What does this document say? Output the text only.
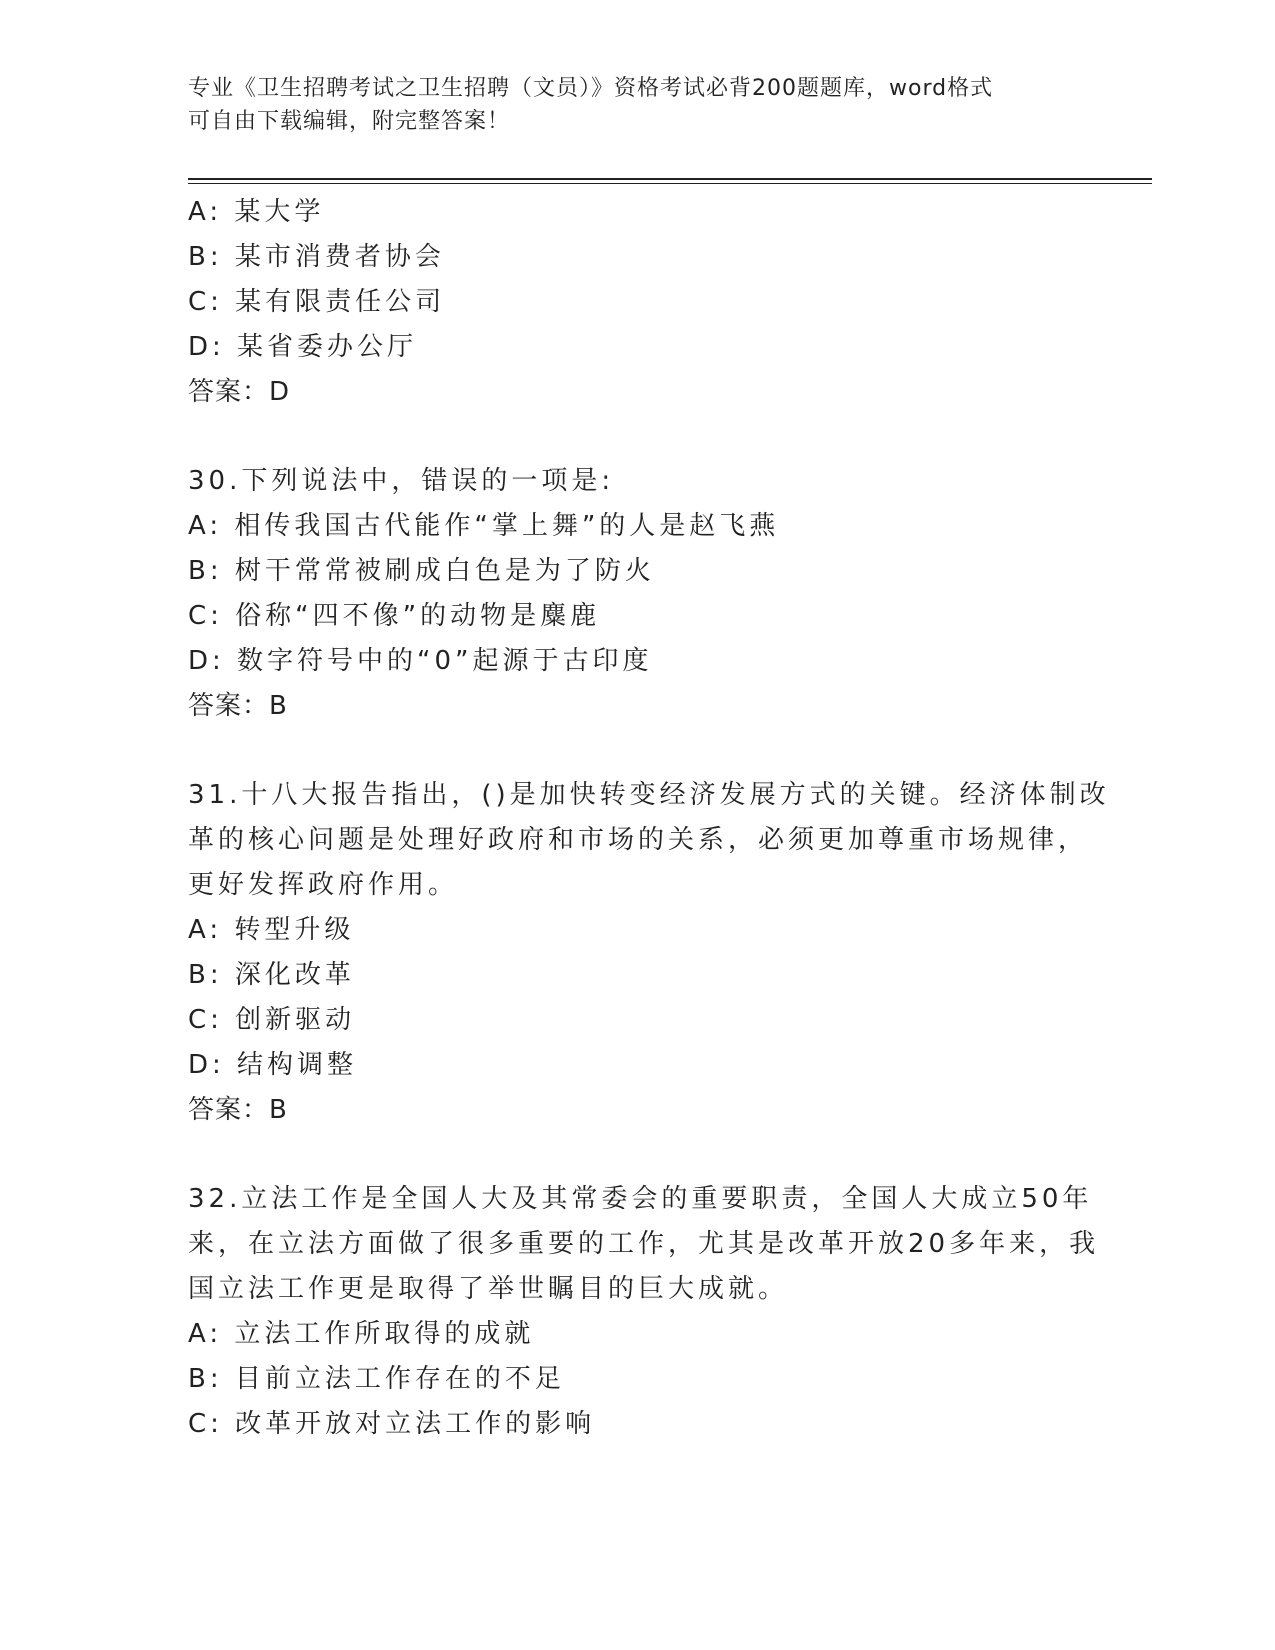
专业《卫生招聘考试之卫生招聘（文员）》资格考试必背200题题库，word格式
可自由下载编辑，附完整答案！
A: 某大学
B: 某市消费者协会
C: 某有限责任公司
D: 某省委办公厅
答案：D
30.下列说法中，错误的一项是:
A: 相传我国古代能作“掌上舞”的人是赵飞燕
B: 树干常常被刷成白色是为了防火
C: 俗称“四不像”的动物是麋鹿
D: 数字符号中的“0”起源于古印度
答案：B
31.十八大报告指出，()是加快转变经济发展方式的关键。经济体制改
革的核心问题是处理好政府和市场的关系，必须更加尊重市场规律，
更好发挥政府作用。
A: 转型升级
B: 深化改革
C: 创新驱动
D: 结构调整
答案：B
32.立法工作是全国人大及其常委会的重要职责，全国人大成立50年
来，在立法方面做了很多重要的工作，尤其是改革开放20多年来，我
国立法工作更是取得了举世瞩目的巨大成就。
A: 立法工作所取得的成就
B: 目前立法工作存在的不足
C: 改革开放对立法工作的影响
